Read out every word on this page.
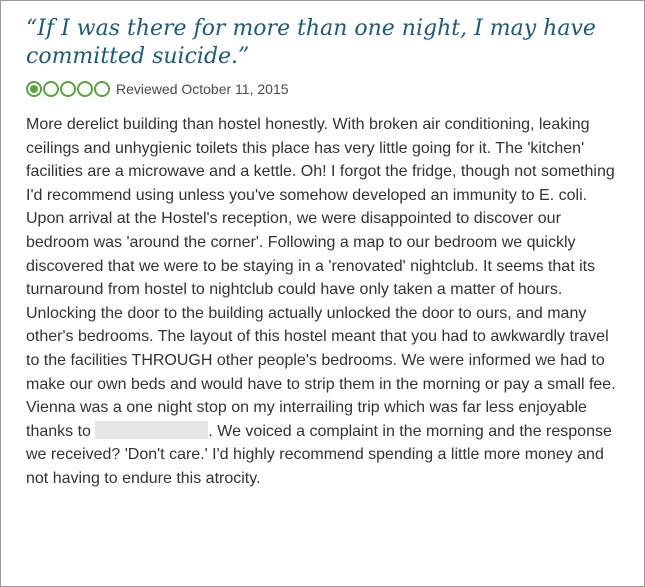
“If I was there for more than one night, I may have committed suicide.”
Reviewed October 11, 2015
More derelict building than hostel honestly. With broken air conditioning, leaking ceilings and unhygienic toilets this place has very little going for it. The 'kitchen' facilities are a microwave and a kettle. Oh! I forgot the fridge, though not something I'd recommend using unless you've somehow developed an immunity to E. coli. Upon arrival at the Hostel's reception, we were disappointed to discover our bedroom was 'around the corner'. Following a map to our bedroom we quickly discovered that we were to be staying in a 'renovated' nightclub. It seems that its turnaround from hostel to nightclub could have only taken a matter of hours. Unlocking the door to the building actually unlocked the door to ours, and many other's bedrooms. The layout of this hostel meant that you had to awkwardly travel to the facilities THROUGH other people's bedrooms. We were informed we had to make our own beds and would have to strip them in the morning or pay a small fee. Vienna was a one night stop on my interrailing trip which was far less enjoyable thanks to	. We voiced a complaint in the morning and the response we received? 'Don't care.' I'd highly recommend spending a little more money and not having to endure this atrocity.
